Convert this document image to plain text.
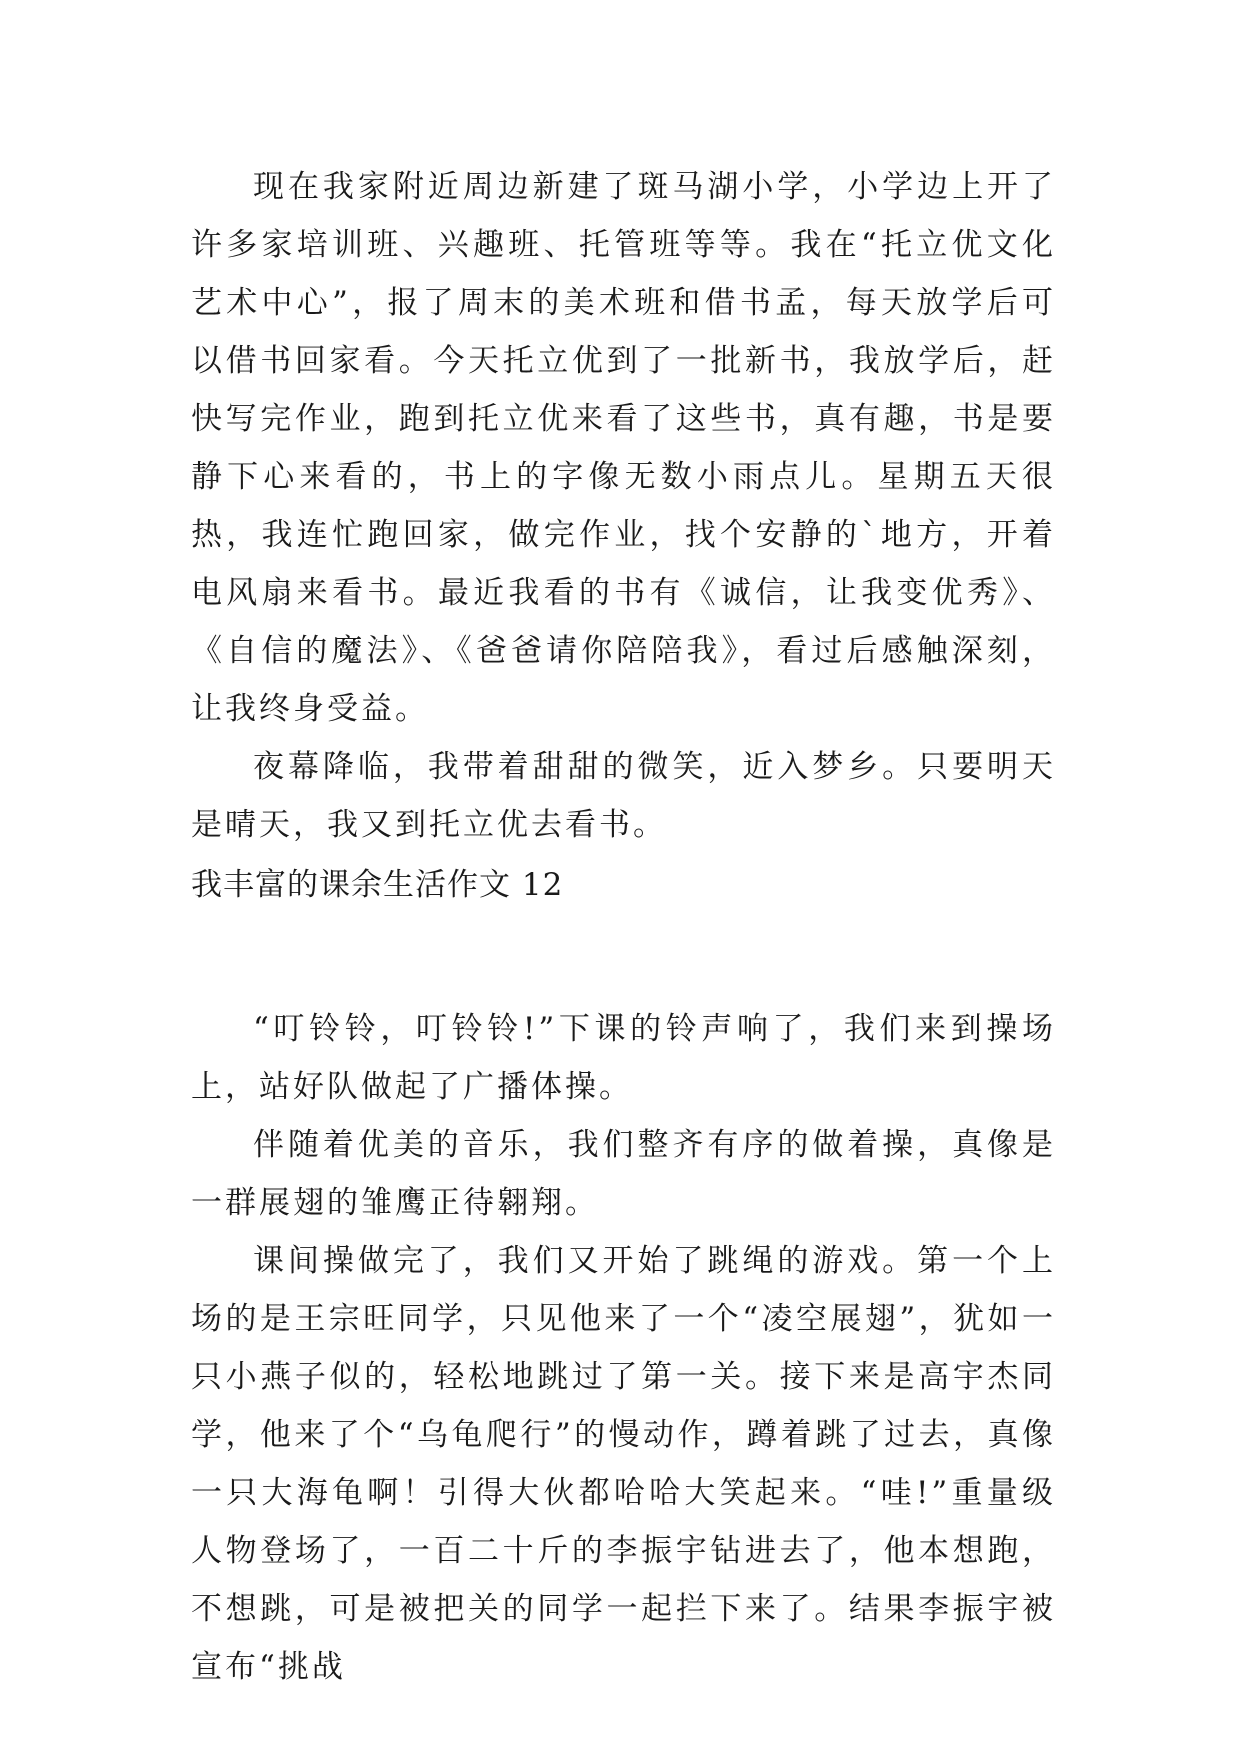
现在我家附近周边新建了斑马湖小学，小学边上开了许多家培训班、兴趣班、托管班等等。我在“托立优文化艺术中心”，报了周末的美术班和借书孟，每天放学后可以借书回家看。今天托立优到了一批新书，我放学后，赶快写完作业，跑到托立优来看了这些书，真有趣，书是要静下心来看的，书上的字像无数小雨点儿。星期五天很热，我连忙跑回家，做完作业，找个安静的`地方，开着电风扇来看书。最近我看的书有《诚信，让我变优秀》、《自信的魔法》、《爸爸请你陪陪我》，看过后感触深刻，让我终身受益。

夜幕降临，我带着甜甜的微笑，近入梦乡。只要明天是晴天，我又到托立优去看书。

我丰富的课余生活作文 12

“叮铃铃，叮铃铃!”下课的铃声响了，我们来到操场上，站好队做起了广播体操。

伴随着优美的音乐，我们整齐有序的做着操，真像是一群展翅的雏鹰正待翱翔。

课间操做完了，我们又开始了跳绳的游戏。第一个上场的是王宗旺同学，只见他来了一个“凌空展翅”，犹如一只小燕子似的，轻松地跳过了第一关。接下来是高宇杰同学，他来了个“乌龟爬行”的慢动作，蹲着跳了过去，真像一只大海龟啊！引得大伙都哈哈大笑起来。“哇!”重量级人物登场了，一百二十斤的李振宇钻进去了，他本想跑，不想跳，可是被把关的同学一起拦下来了。结果李振宇被宣布“挑战
